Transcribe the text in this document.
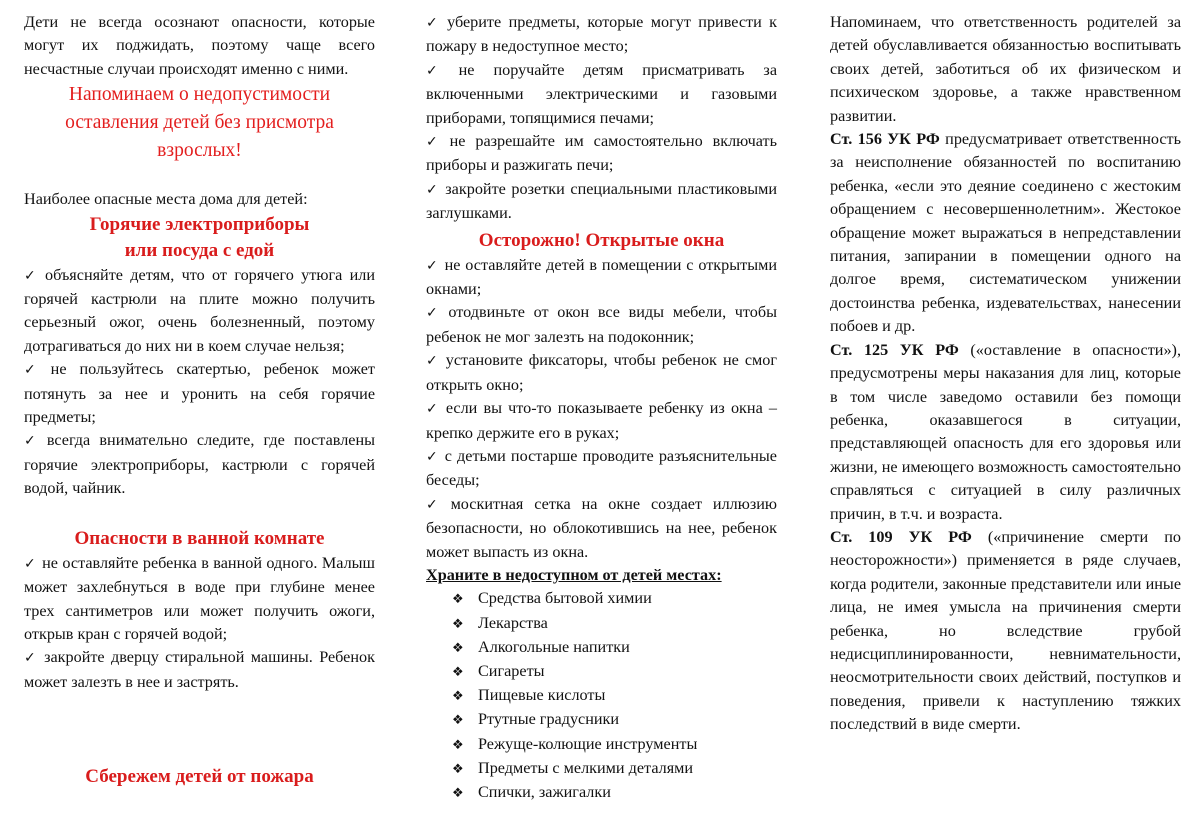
Дети не всегда осознают опасности, которые могут их поджидать, поэтому чаще всего несчастные случаи происходят именно с ними.

Напоминаем о недопустимости оставления детей без присмотра взрослых!

Наиболее опасные места дома для детей:

Горячие электроприборы

или посуда с едой

✓ объясняйте детям, что от горячего утюга или горячей кастрюли на плите можно получить серьезный ожог, очень болезненный, поэтому дотрагиваться до них ни в коем случае нельзя;

✓ не пользуйтесь скатертью, ребенок может потянуть за нее и уронить на себя горячие предметы;

✓ всегда внимательно следите, где поставлены горячие электроприборы, кастрюли с горячей водой, чайник.

Опасности в ванной комнате

✓ не оставляйте ребенка в ванной одного. Малыш может захлебнуться в воде при глубине менее трех сантиметров или может получить ожоги, открыв кран с горячей водой;

✓ закройте дверцу стиральной машины. Ребенок может залезть в нее и застрять.

Сбережем детей от пожара

✓ уберите предметы, которые могут привести к пожару в недоступное место;

✓ не поручайте детям присматривать за включенными электрическими и газовыми приборами, топящимися печами;

✓ не разрешайте им самостоятельно включать приборы и разжигать печи;

✓ закройте розетки специальными пластиковыми заглушками.

Осторожно! Открытые окна

✓ не оставляйте детей в помещении с открытыми окнами;

✓ отодвиньте от окон все виды мебели, чтобы ребенок не мог залезть на подоконник;

✓ установите фиксаторы, чтобы ребенок не смог открыть окно;

✓ если вы что-то показываете ребенку из окна – крепко держите его в руках;

✓ с детьми постарше проводите разъяснительные беседы;

✓ москитная сетка на окне создает иллюзию безопасности, но облокотившись на нее, ребенок может выпасть из окна.

Храните в недоступном от детей местах:

❖ Средства бытовой химии
❖ Лекарства
❖ Алкогольные напитки
❖ Сигареты
❖ Пищевые кислоты
❖ Ртутные градусники
❖ Режуще-колющие инструменты
❖ Предметы с мелкими деталями
❖ Спички, зажигалки

Напоминаем, что ответственность родителей за детей обуславливается обязанностью воспитывать своих детей, заботиться об их физическом и психическом здоровье, а также нравственном развитии.

Ст. 156 УК РФ предусматривает ответственность за неисполнение обязанностей по воспитанию ребенка, «если это деяние соединено с жестоким обращением с несовершеннолетним». Жестокое обращение может выражаться в непредставлении питания, запирании в помещении одного на долгое время, систематическом унижении достоинства ребенка, издевательствах, нанесении побоев и др.

Ст. 125 УК РФ («оставление в опасности»), предусмотрены меры наказания для лиц, которые в том числе заведомо оставили без помощи ребенка, оказавшегося в ситуации, представляющей опасность для его здоровья или жизни, не имеющего возможность самостоятельно справляться с ситуацией в силу различных причин, в т.ч. и возраста.

Ст. 109 УК РФ («причинение смерти по неосторожности») применяется в ряде случаев, когда родители, законные представители или иные лица, не имея умысла на причинения смерти ребенка, но вследствие грубой недисциплинированности, невнимательности, неосмотрительности своих действий, поступков и поведения, привели к наступлению тяжких последствий в виде смерти.
